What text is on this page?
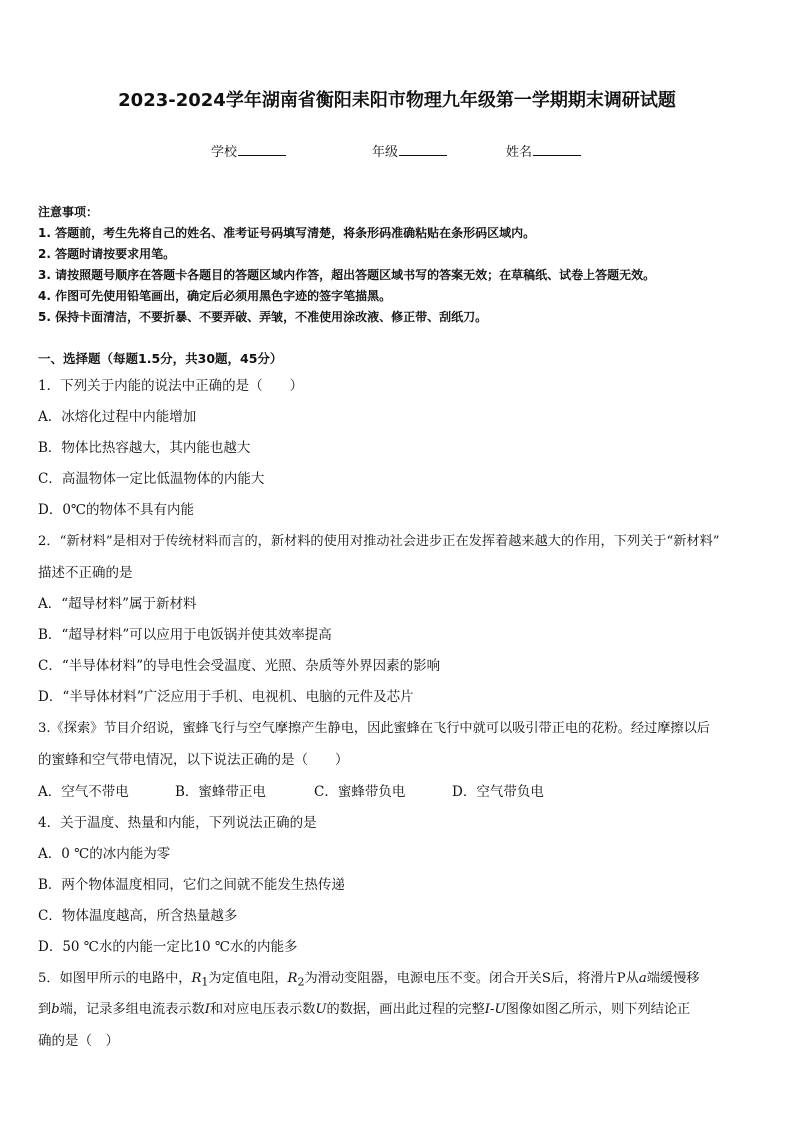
2023-2024学年湖南省衡阳耒阳市物理九年级第一学期期末调研试题
学校	年级	姓名
注意事项：
1. 答题前，考生先将自己的姓名、准考证号码填写清楚，将条形码准确粘贴在条形码区域内。
2. 答题时请按要求用笔。
3. 请按照题号顺序在答题卡各题目的答题区域内作答，超出答题区域书写的答案无效；在草稿纸、试卷上答题无效。
4. 作图可先使用铅笔画出，确定后必须用黑色字迹的签字笔描黑。
5. 保持卡面清洁，不要折暴、不要弄破、弄皱，不准使用涂改液、修正带、刮纸刀。
一、选择题（每题1.5分，共30题，45分）
1．下列关于内能的说法中正确的是（　　）
A．冰熔化过程中内能增加
B．物体比热容越大，其内能也越大
C．高温物体一定比低温物体的内能大
D．0℃的物体不具有内能
2．“新材料”是相对于传统材料而言的，新材料的使用对推动社会进步正在发挥着越来越大的作用，下列关于“新材料”
描述不正确的是
A．“超导材料”属于新材料
B．“超导材料”可以应用于电饭锅并使其效率提高
C．“半导体材料”的导电性会受温度、光照、杂质等外界因素的影响
D．“半导体材料”广泛应用于手机、电视机、电脑的元件及芯片
3.《探索》节目介绍说，蜜蜂飞行与空气摩擦产生静电，因此蜜蜂在飞行中就可以吸引带正电的花粉。经过摩擦以后
的蜜蜂和空气带电情况，以下说法正确的是（　　）
A．空气不带电	B．蜜蜂带正电	C．蜜蜂带负电	D．空气带负电
4．关于温度、热量和内能，下列说法正确的是
A．0 ℃的冰内能为零
B．两个物体温度相同，它们之间就不能发生热传递
C．物体温度越高，所含热量越多
D．50 ℃水的内能一定比10 ℃水的内能多
5．如图甲所示的电路中，$R_1$为定值电阻，$R_2$为滑动变阻器，电源电压不变。闭合开关S后，将滑片P从a端缓慢移
到b端，记录多组电流表示数I和对应电压表示数U的数据，画出此过程的完整I-U图像如图乙所示，则下列结论正
确的是（　）
